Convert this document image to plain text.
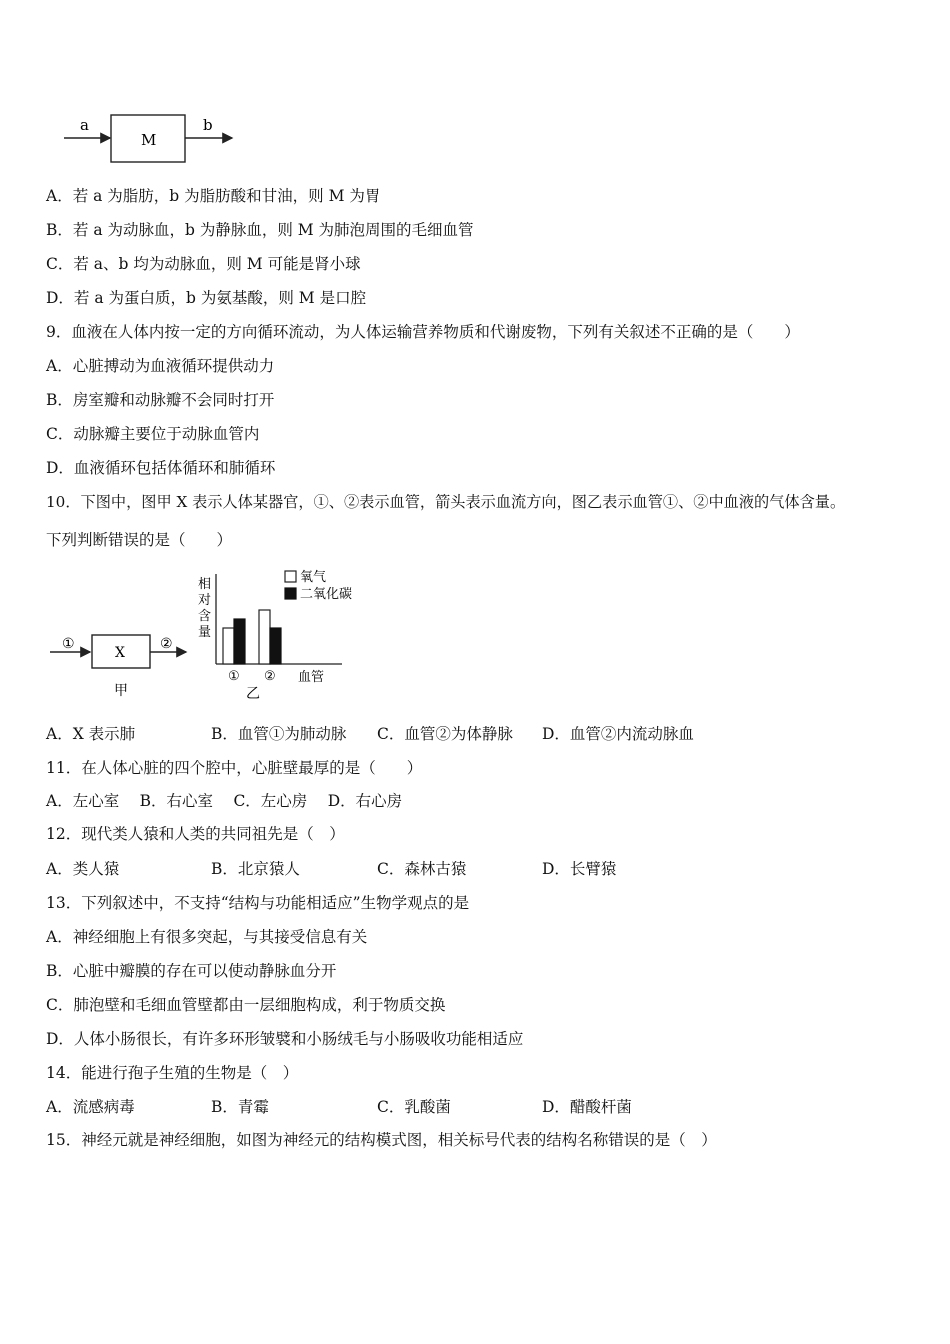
a
M
b
A．若 a 为脂肪，b 为脂肪酸和甘油，则 M 为胃
B．若 a 为动脉血，b 为静脉血，则 M 为肺泡周围的毛细血管
C．若 a、b 均为动脉血，则 M 可能是肾小球
D．若 a 为蛋白质，b 为氨基酸，则 M 是口腔
9．血液在人体内按一定的方向循环流动，为人体运输营养物质和代谢废物，下列有关叙述不正确的是（　　）
A．心脏搏动为血液循环提供动力
B．房室瓣和动脉瓣不会同时打开
C．动脉瓣主要位于动脉血管内
D．血液循环包括体循环和肺循环
10．下图中，图甲 X 表示人体某器官，①、②表示血管，箭头表示血流方向，图乙表示血管①、②中血液的气体含量。
下列判断错误的是（　　）
①
X
②
甲
相
对
含
量
氧气
二氧化碳
① ② 血管
乙
A．X 表示肺	B．血管①为肺动脉 C．血管②为体静脉 D．血管②内流动脉血
11．在人体心脏的四个腔中，心脏壁最厚的是（　　）
A．左心室　 B．右心室　 C．左心房　 D．右心房
12．现代类人猿和人类的共同祖先是（　）
A．类人猿	B．北京猿人	C．森林古猿	D．长臂猿
13．下列叙述中，不支持“结构与功能相适应”生物学观点的是
A．神经细胞上有很多突起，与其接受信息有关
B．心脏中瓣膜的存在可以使动静脉血分开
C．肺泡壁和毛细血管壁都由一层细胞构成，利于物质交换
D．人体小肠很长，有许多环形皱襞和小肠绒毛与小肠吸收功能相适应
14．能进行孢子生殖的生物是（　）
A．流感病毒	B．青霉	C．乳酸菌	D．醋酸杆菌
15．神经元就是神经细胞，如图为神经元的结构模式图，相关标号代表的结构名称错误的是（　）
